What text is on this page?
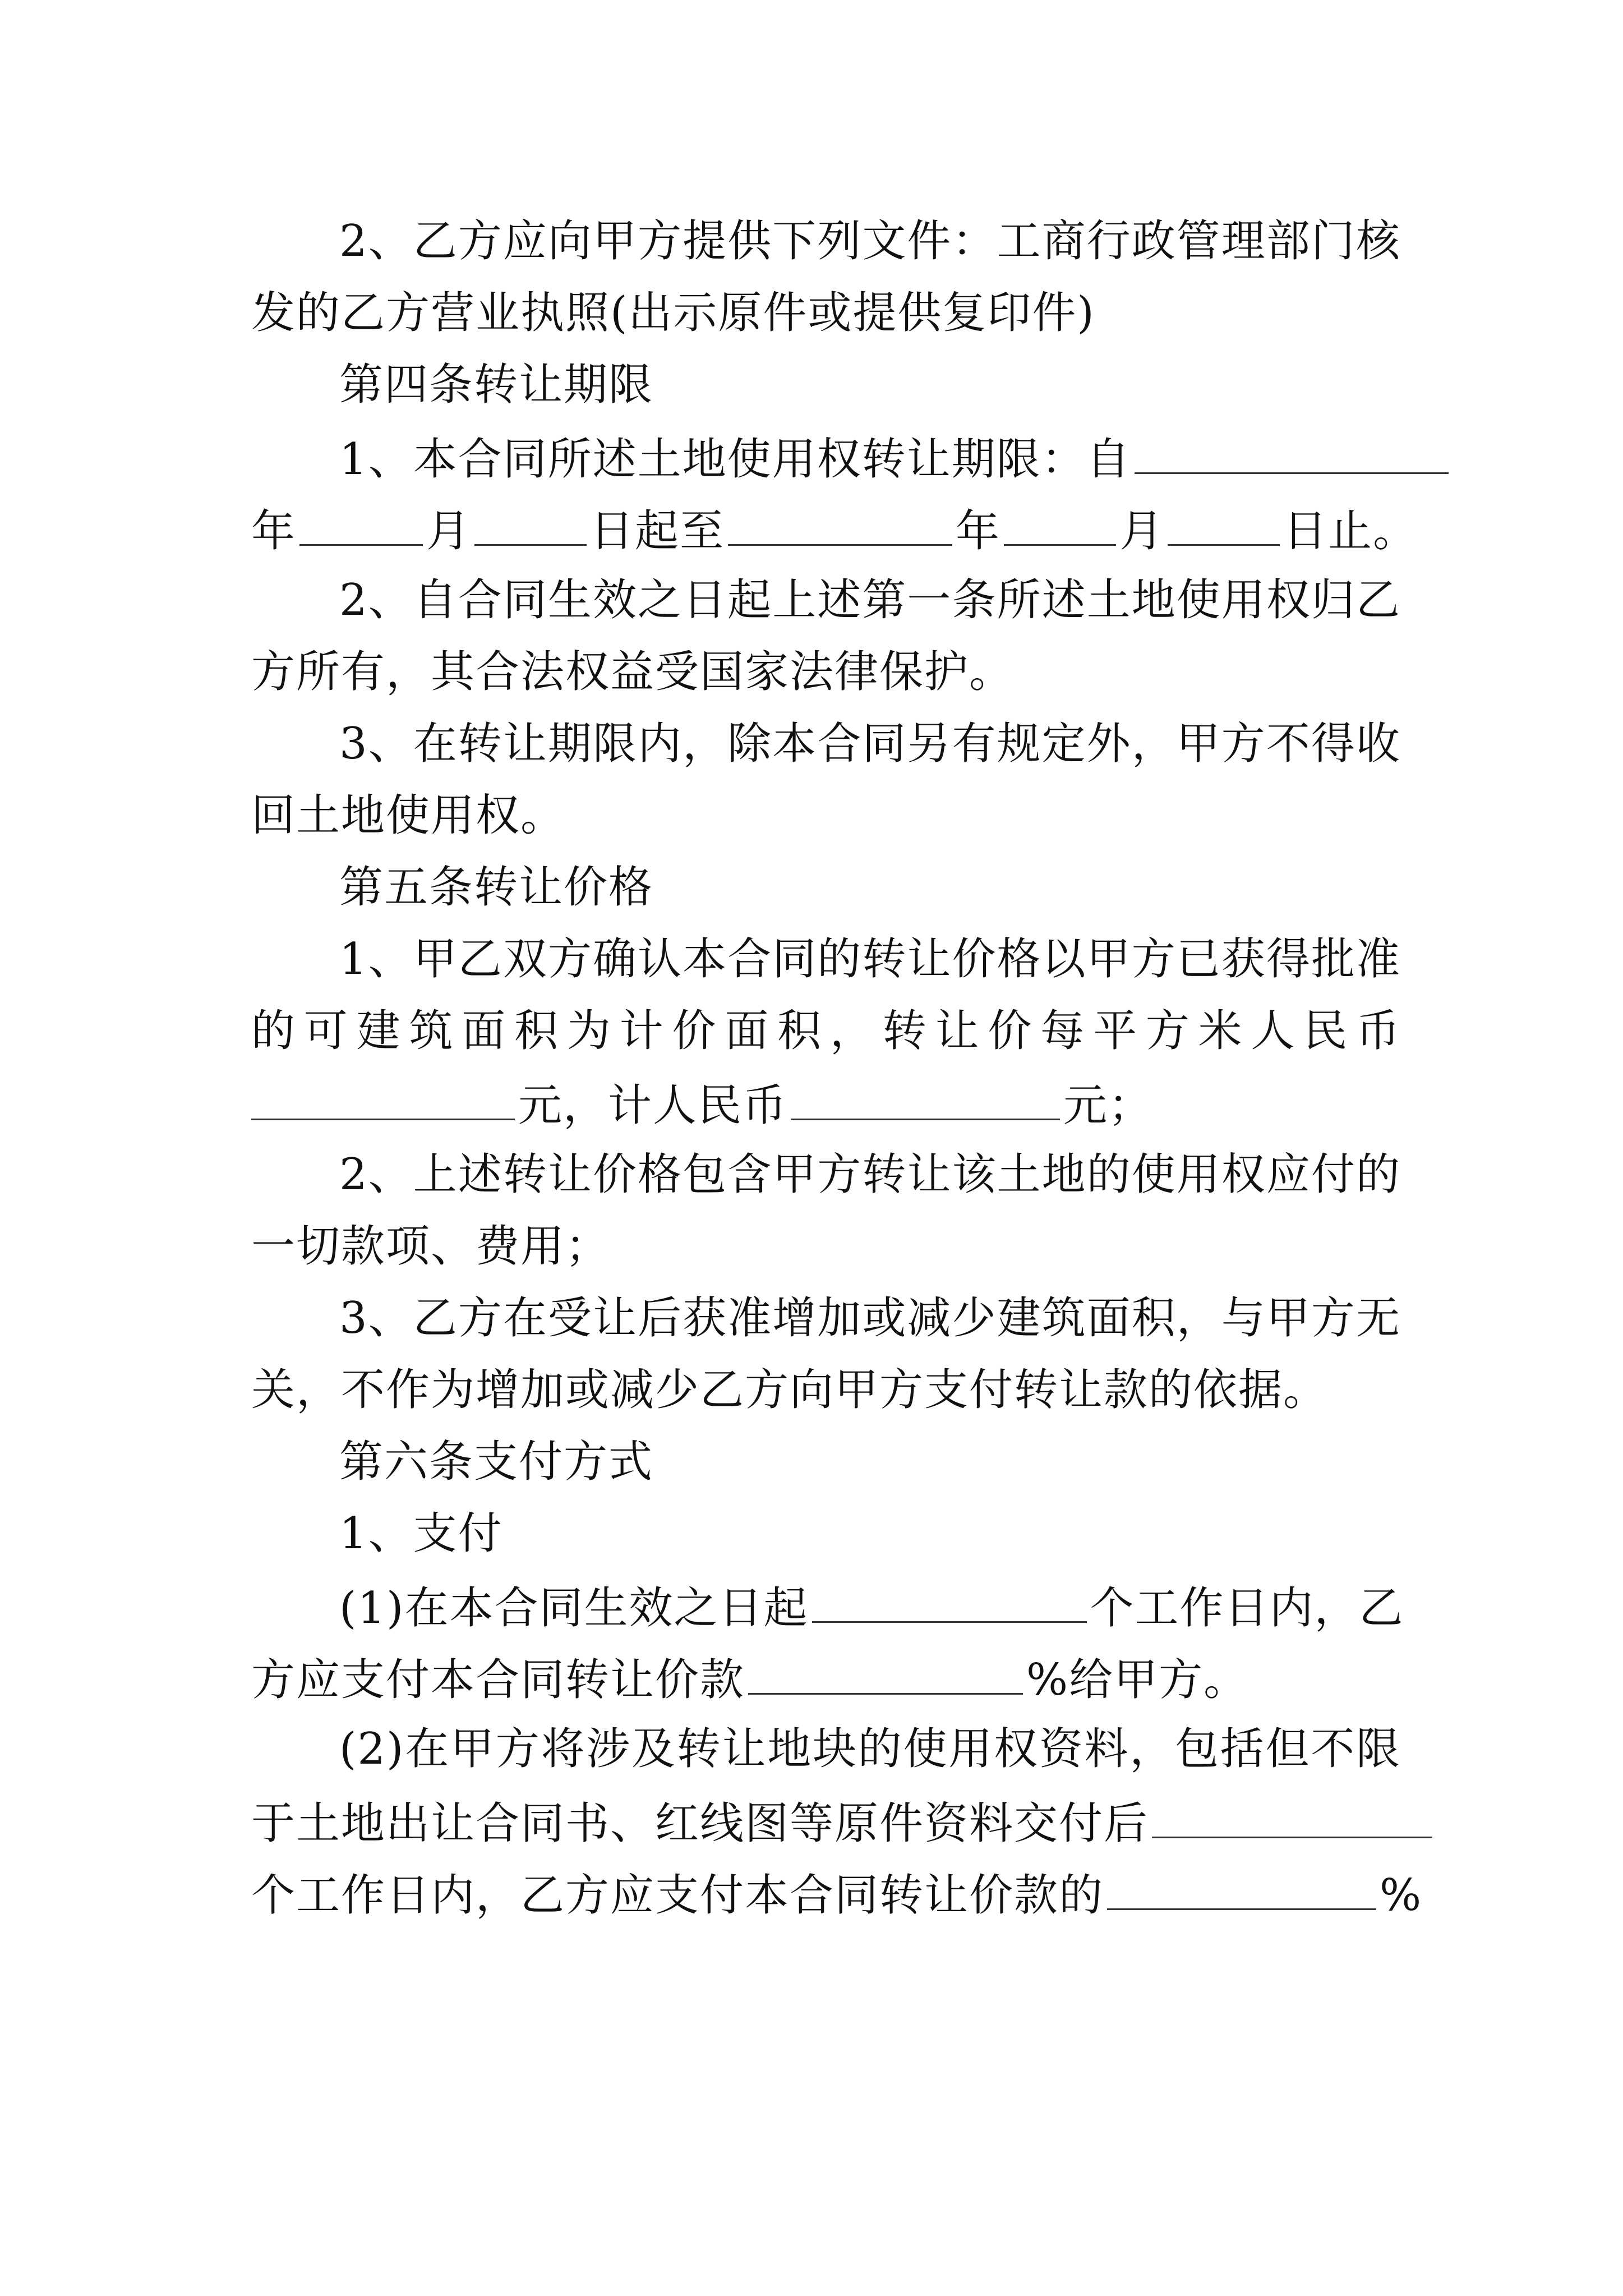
2、乙方应向甲方提供下列文件：工商行政管理部门核
发的乙方营业执照(出示原件或提供复印件)
第四条转让期限
1、本合同所述土地使用权转让期限：自
年	月	日起至	年	月	日止。
2、自合同生效之日起上述第一条所述土地使用权归乙
方所有，其合法权益受国家法律保护。
3、在转让期限内，除本合同另有规定外，甲方不得收
回土地使用权。
第五条转让价格
1、甲乙双方确认本合同的转让价格以甲方已获得批准
的可建筑面积为计价面积，转让价每平方米人民币
元，计人民币	元；
2、上述转让价格包含甲方转让该土地的使用权应付的
一切款项、费用；
3、乙方在受让后获准增加或减少建筑面积，与甲方无
关，不作为增加或减少乙方向甲方支付转让款的依据。
第六条支付方式
1、支付
(1)在本合同生效之日起	个工作日内，乙
方应支付本合同转让价款	%给甲方。
(2)在甲方将涉及转让地块的使用权资料，包括但不限
于土地出让合同书、红线图等原件资料交付后
个工作日内，乙方应支付本合同转让价款的	%
